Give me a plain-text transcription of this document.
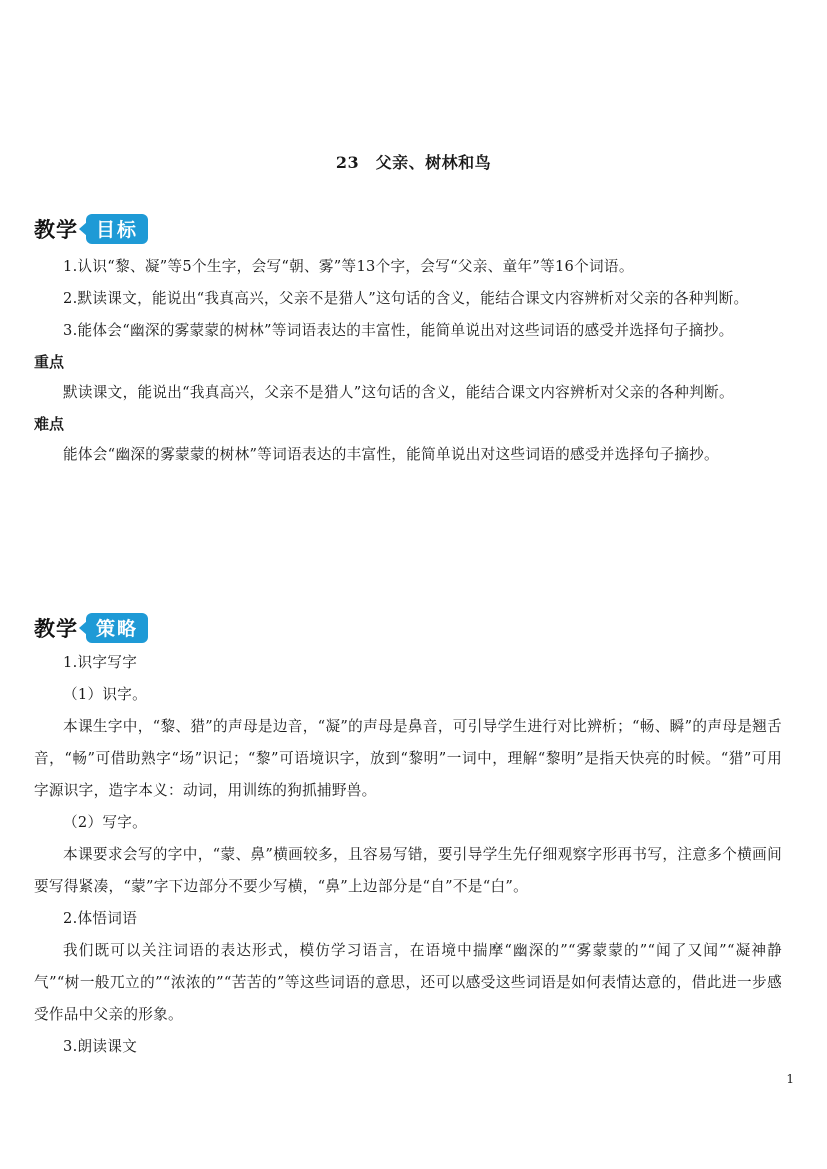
23　父亲、树林和鸟
教学 目标

1.认识“黎、凝”等5个生字，会写“朝、雾”等13个字，会写“父亲、童年”等16个词语。

2.默读课文，能说出“我真高兴，父亲不是猎人”这句话的含义，能结合课文内容辨析对父亲的各种判断。

3.能体会“幽深的雾蒙蒙的树林”等词语表达的丰富性，能简单说出对这些词语的感受并选择句子摘抄。

重点

默读课文，能说出“我真高兴，父亲不是猎人”这句话的含义，能结合课文内容辨析对父亲的各种判断。

难点

能体会“幽深的雾蒙蒙的树林”等词语表达的丰富性，能简单说出对这些词语的感受并选择句子摘抄。

教学 策略

1.识字写字

（1）识字。

本课生字中，“黎、猎”的声母是边音，“凝”的声母是鼻音，可引导学生进行对比辨析；“畅、瞬”的声母是翘舌音，“畅”可借助熟字“场”识记；“黎”可语境识字，放到“黎明”一词中，理解“黎明”是指天快亮的时候。“猎”可用字源识字，造字本义：动词，用训练的狗抓捕野兽。

（2）写字。

本课要求会写的字中，“蒙、鼻”横画较多，且容易写错，要引导学生先仔细观察字形再书写，注意多个横画间要写得紧凑，“蒙”字下边部分不要少写横，“鼻”上边部分是“自”不是“白”。

2.体悟词语

我们既可以关注词语的表达形式，模仿学习语言，在语境中揣摩“幽深的”“雾蒙蒙的”“闻了又闻”“凝神静气”“树一般兀立的”“浓浓的”“苦苦的”等这些词语的意思，还可以感受这些词语是如何表情达意的，借此进一步感受作品中父亲的形象。

3.朗读课文

1
